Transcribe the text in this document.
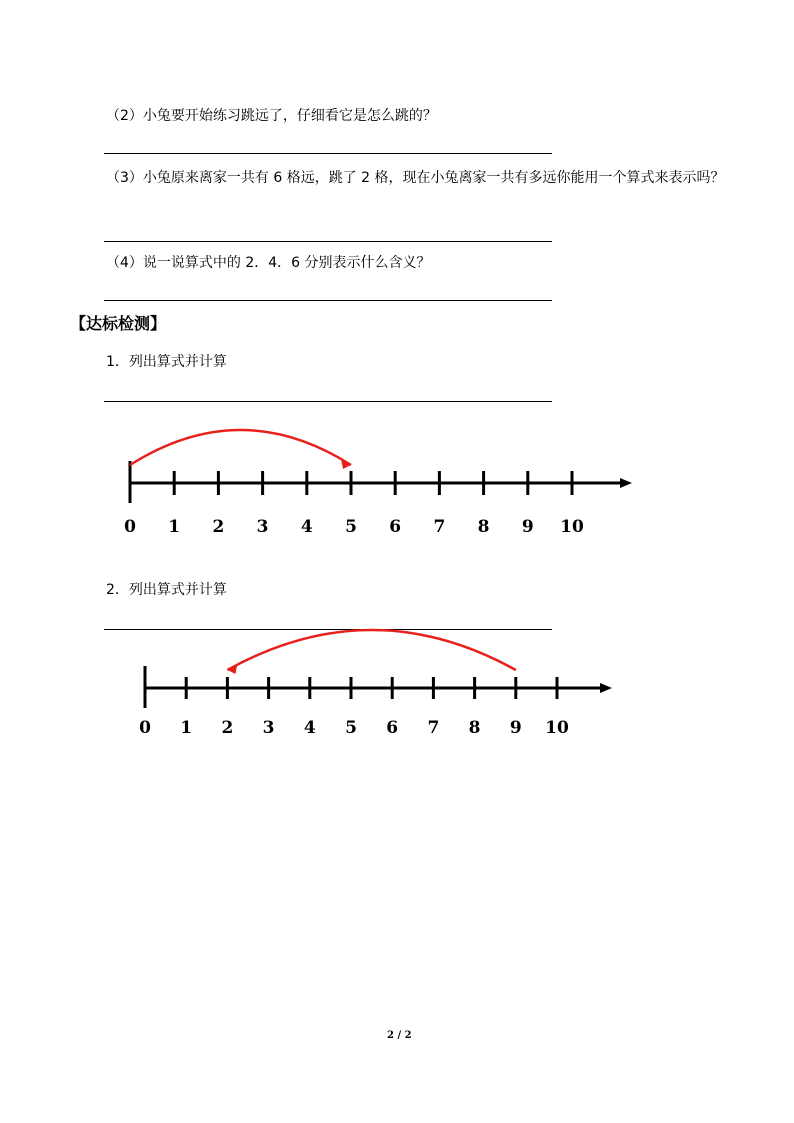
（2）小兔要开始练习跳远了，仔细看它是怎么跳的？
（3）小兔原来离家一共有 6 格远，跳了 2 格，现在小兔离家一共有多远你能用一个算式来表示吗？
（4）说一说算式中的 2．4．6 分别表示什么含义？
【达标检测】
1．列出算式并计算
0 1 2 3 4 5 6 7 8 9 10
2．列出算式并计算
0 1 2 3 4 5 6 7 8 9 10
2 / 2
